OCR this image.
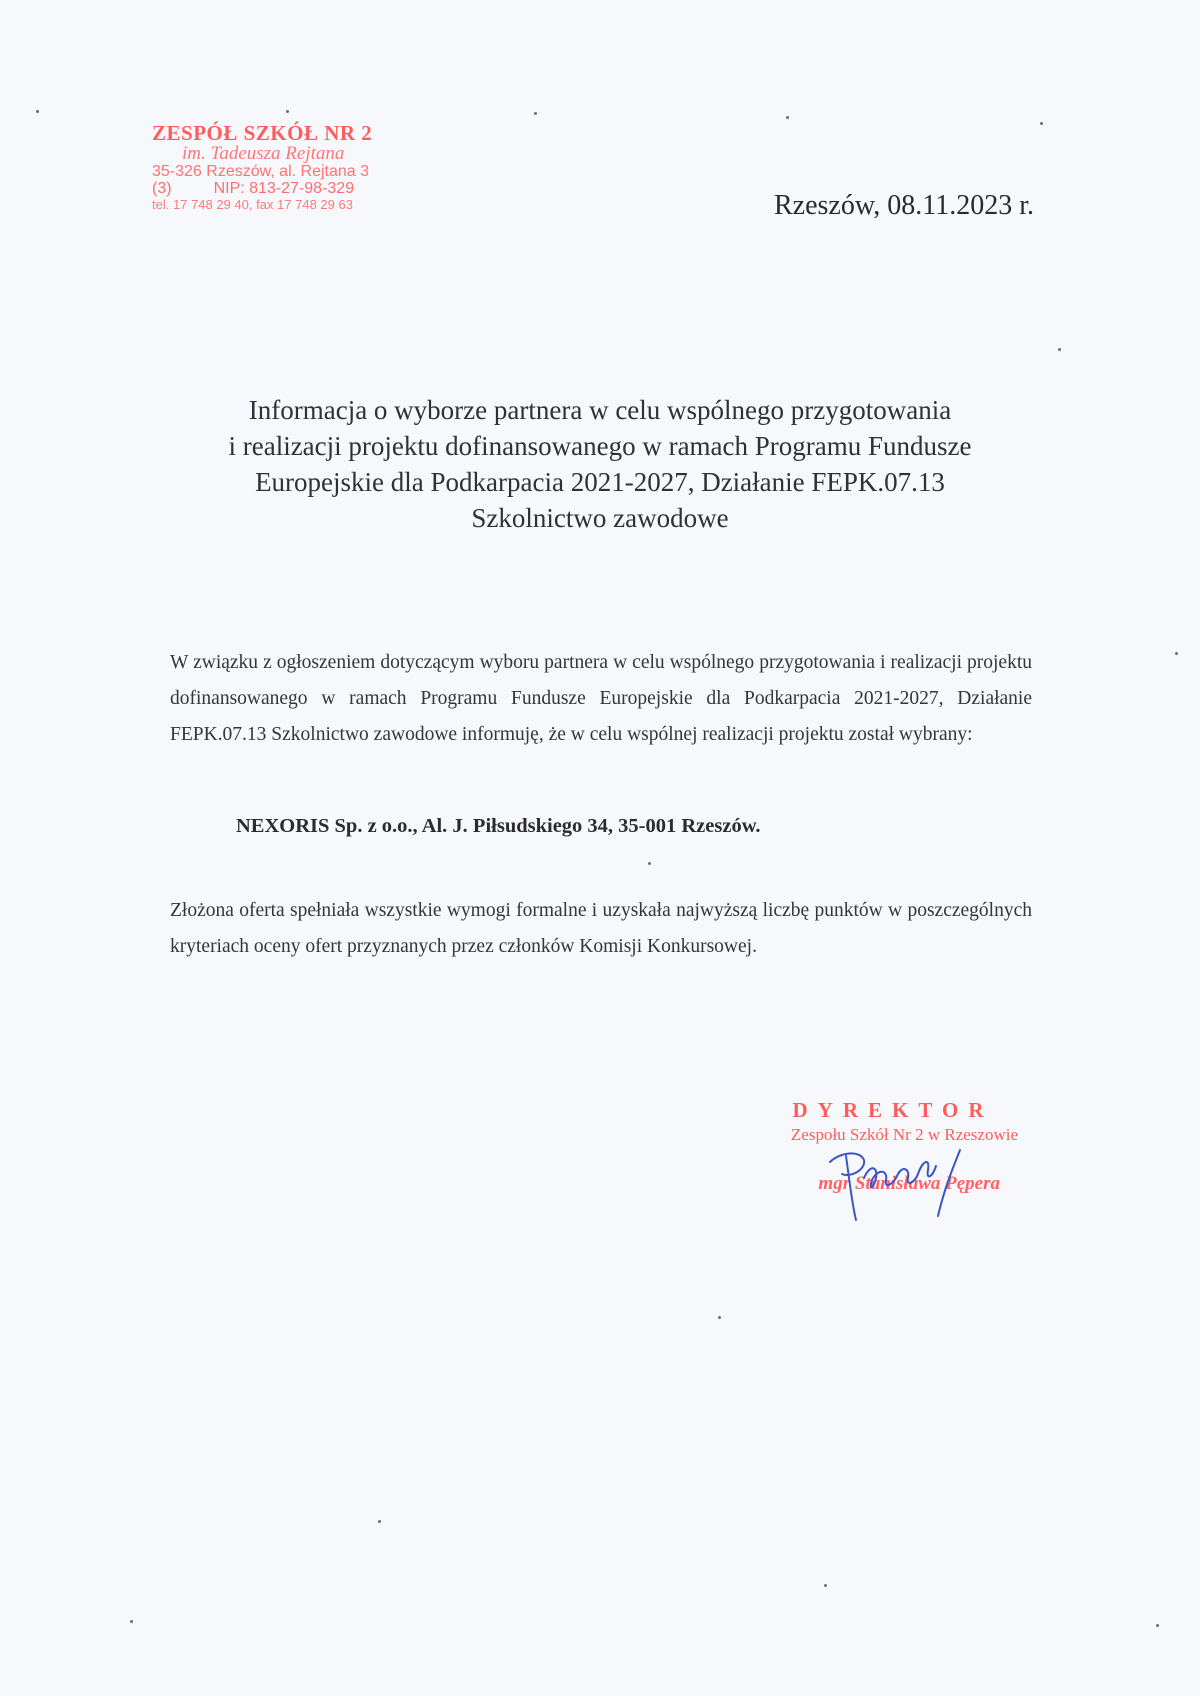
ZESPÓŁ SZKÓŁ NR 2
im. Tadeusza Rejtana
35-326 Rzeszów, al. Rejtana 3
(3)	NIP: 813-27-98-329
tel. 17 748 29 40, fax 17 748 29 63	Rzeszów, 08.11.2023 r.
Informacja o wyborze partnera w celu wspólnego przygotowania
i realizacji projektu dofinansowanego w ramach Programu Fundusze
Europejskie dla Podkarpacia 2021-2027, Działanie FEPK.07.13
Szkolnictwo zawodowe
W związku z ogłoszeniem dotyczącym wyboru partnera w celu wspólnego przygotowania i realizacji projektu dofinansowanego w ramach Programu Fundusze Europejskie dla Podkarpacia 2021-2027, Działanie FEPK.07.13 Szkolnictwo zawodowe informuję, że w celu wspólnej realizacji projektu został wybrany:
NEXORIS Sp. z o.o., Al. J. Piłsudskiego 34, 35-001 Rzeszów.
Złożona oferta spełniała wszystkie wymogi formalne i uzyskała najwyższą liczbę punktów w poszczególnych kryteriach oceny ofert przyznanych przez członków Komisji Konkursowej.
DYREKTOR
Zespołu Szkół Nr 2 w Rzeszowie
mgr Stanisława Pępera
